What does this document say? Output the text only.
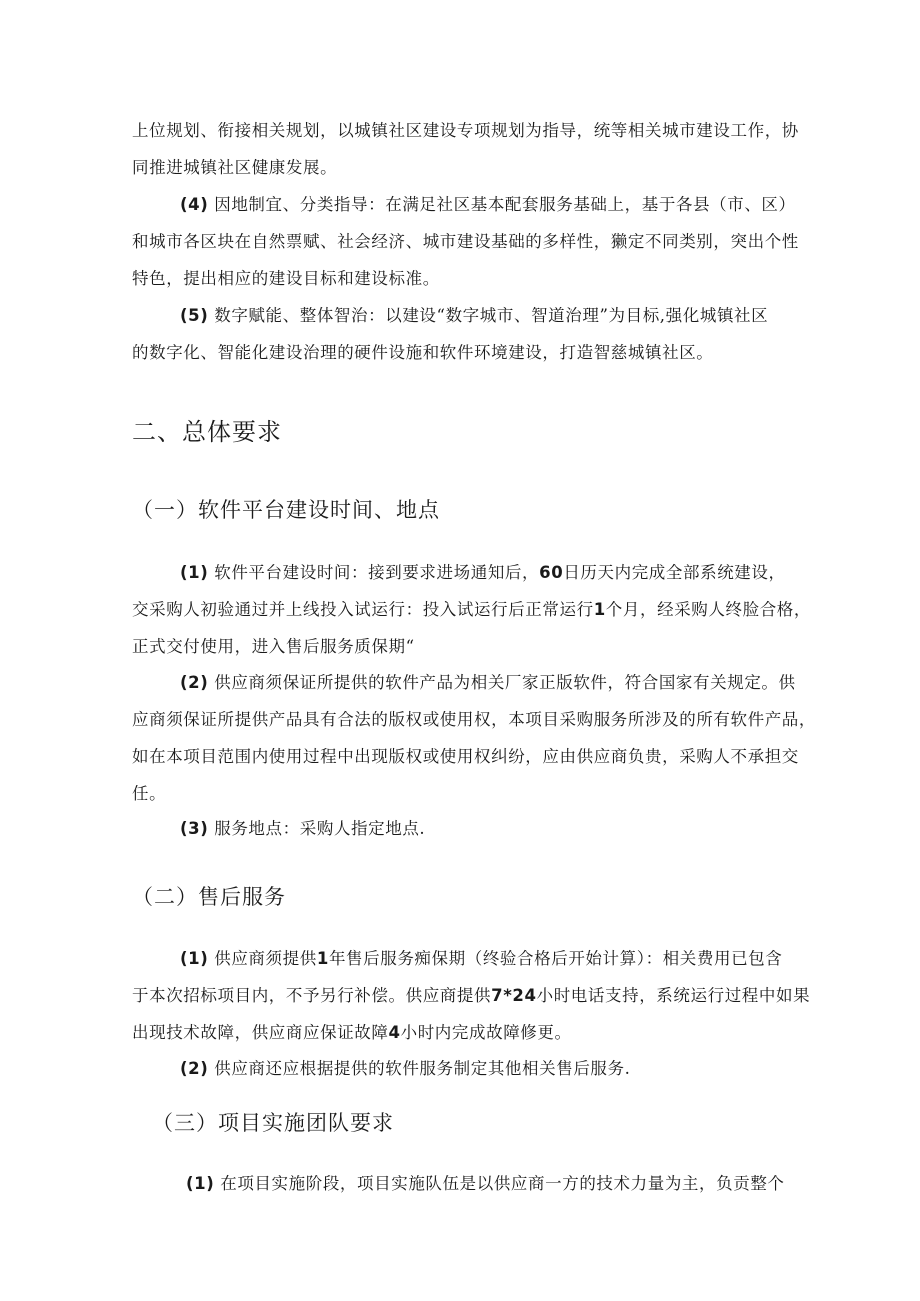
上位规划、衔接相关规划，以城镇社区建设专项规划为指导，统等相关城市建设工作，协
同推进城镇社区健康发展。
(4) 因地制宜、分类指导：在满足社区基本配套服务基础上，基于各县（市、区）
和城市各区块在自然票赋、社会经济、城市建设基础的多样性，獭定不同类别，突出个性
特色，提出相应的建设目标和建设标准。
(5) 数字赋能、整体智治：以建设“数字城市、智道治理”为目标,强化城镇社区
的数字化、智能化建设治理的硬件设施和软件环境建设，打造智慈城镇社区。
二、总体要求
（一）软件平台建设时间、地点
(1) 软件平台建设时间：接到要求进场通知后，60日历天内完成全部系统建设，
交采购人初验通过并上线投入试运行：投入试运行后正常运行1个月，经采购人终脸合格，
正式交付使用，进入售后服务质保期“
(2) 供应商须保证所提供的软件产品为相关厂家正版软件，符合国家有关规定。供
应商须保证所提供产品具有合法的版权或使用权，本项目采购服务所涉及的所有软件产品，
如在本项目范围内使用过程中出现版权或使用权纠纷，应由供应商负贵，采购人不承担交
任。
(3) 服务地点：采购人指定地点.
（二）售后服务
(1) 供应商须提供1年售后服务痴保期（终验合格后开始计算）：相关费用已包含
于本次招标项目内，不予另行补偿。供应商提供7*24小时电话支持，系统运行过程中如果
出现技术故障，供应商应保证故障4小时内完成故障修更。
(2) 供应商还应根据提供的软件服务制定其他相关售后服务.
（三）项目实施团队要求
(1) 在项目实施阶段，项目实施队伍是以供应商一方的技术力量为主，负贡整个
